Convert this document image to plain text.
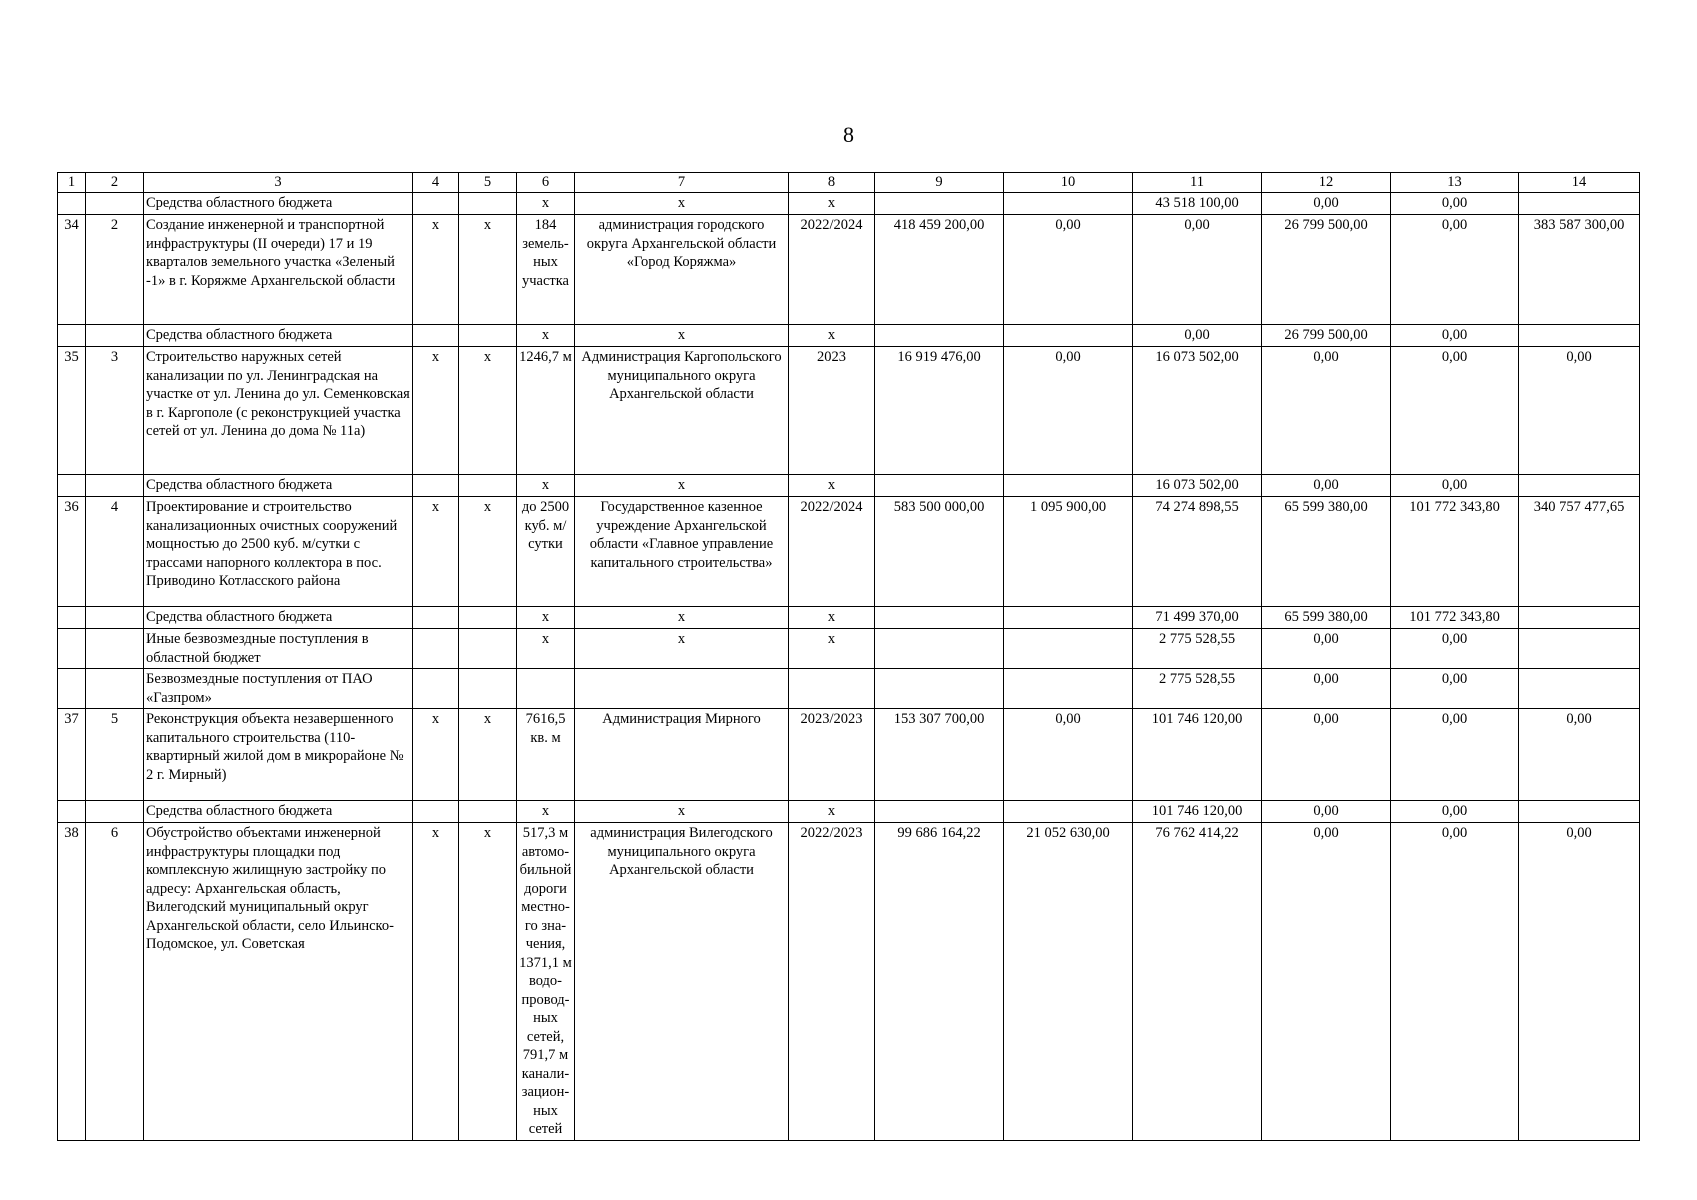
8
1	2	3	4	5	6	7	8	9	10	11	12	13	14
		Средства областного бюджета			х	х	х			43 518 100,00	0,00	0,00	
34	2	Создание инженерной и транспортной инфраструктуры (II очереди) 17 и 19 кварталов земельного участка «Зеленый -1» в г. Коряжме Архангельской области	х	х	184 земель-ных участка	администрация городского округа Архангельской области «Город Коряжма»	2022/2024	418 459 200,00	0,00	0,00	26 799 500,00	0,00	383 587 300,00
		Средства областного бюджета			х	х	х			0,00	26 799 500,00	0,00	
35	3	Строительство наружных сетей канализации по ул. Ленинградская на участке от ул. Ленина до ул. Семенковская в г. Каргополе (с реконструкцией участка сетей от ул. Ленина до дома № 11а)	х	х	1246,7 м	Администрация Каргопольского муниципального округа Архангельской области	2023	16 919 476,00	0,00	16 073 502,00	0,00	0,00	0,00
		Средства областного бюджета			х	х	х			16 073 502,00	0,00	0,00	
36	4	Проектирование и строительство канализационных очистных сооружений мощностью до 2500 куб. м/сутки с трассами напорного коллектора в пос. Приводино Котласского района	х	х	до 2500 куб. м/ сутки	Государственное казенное учреждение Архангельской области «Главное управление капитального строительства»	2022/2024	583 500 000,00	1 095 900,00	74 274 898,55	65 599 380,00	101 772 343,80	340 757 477,65
		Средства областного бюджета			х	х	х			71 499 370,00	65 599 380,00	101 772 343,80	
		Иные безвозмездные поступления в областной бюджет			х	х	х			2 775 528,55	0,00	0,00	
		Безвозмездные поступления от ПАО «Газпром»								2 775 528,55	0,00	0,00	
37	5	Реконструкция объекта незавершенного капитального строительства (110-квартирный жилой дом в микрорайоне № 2 г. Мирный)	х	х	7616,5 кв. м	Администрация Мирного	2023/2023	153 307 700,00	0,00	101 746 120,00	0,00	0,00	0,00
		Средства областного бюджета			х	х	х			101 746 120,00	0,00	0,00	
38	6	Обустройство объектами инженерной инфраструктуры площадки под комплексную жилищную застройку по адресу: Архангельская область, Вилегодский муниципальный округ Архангельской области, село Ильинско-Подомское, ул. Советская	х	х	517,3 м автомо-бильной дороги местно-го зна-чения, 1371,1 м водо-провод-ных сетей, 791,7 м канали-зацион-ных сетей	администрация Вилегодского муниципального округа Архангельской области	2022/2023	99 686 164,22	21 052 630,00	76 762 414,22	0,00	0,00	0,00
